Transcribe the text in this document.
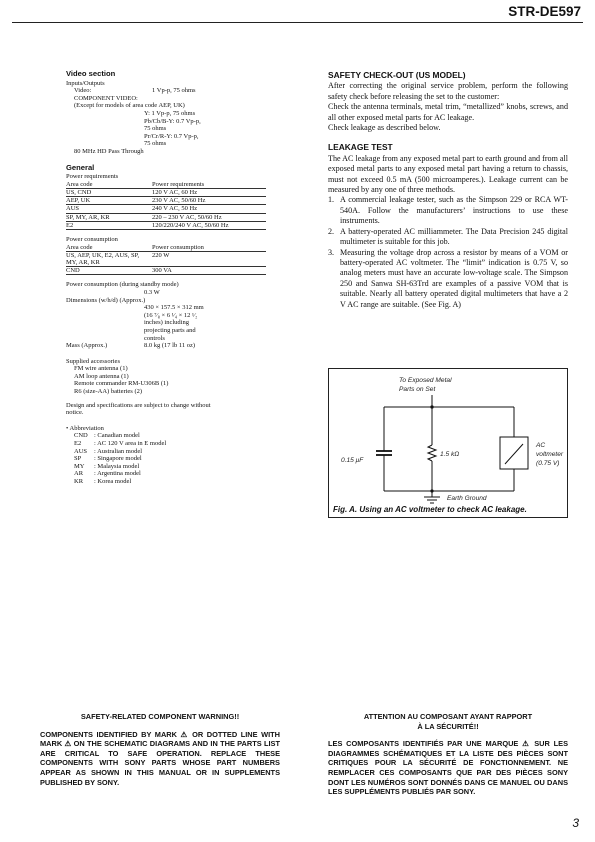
STR-DE597
Video section
Inputs/Outputs
Video:	1 Vp-p, 75 ohms
COMPONENT VIDEO:
(Except for models of area code AEP, UK)
Y: 1 Vp-p, 75 ohms
Pb/Cb/B-Y: 0.7 Vp-p,
75 ohms
Pr/Cr/R-Y: 0.7 Vp-p,
75 ohms
80 MHz HD Pass Through
General
Power requirements
Area code	Power requirements
US, CND	120 V AC, 60 Hz
AEP, UK	230 V AC, 50/60 Hz
AUS	240 V AC, 50 Hz
SP, MY, AR, KR	220 – 230 V AC, 50/60 Hz
E2	120/220/240 V AC, 50/60 Hz
Power consumption
Area code	Power consumption
US, AEP, UK, E2, AUS, SP, MY, AR, KR	220 W
CND	300 VA
Power consumption (during standby mode)
0.3 W
Dimensions (w/h/d) (Approx.)
430 × 157.5 × 312 mm
(16 ⁷⁄₈ × 6 ¹⁄₄ × 12 ¹⁄₂
inches) including
projecting parts and
controls
Mass (Approx.)	8.0 kg (17 lb 11 oz)
Supplied accessories
FM wire antenna (1)
AM loop antenna (1)
Remote commander RM-U306B (1)
R6 (size-AA) batteries (2)
Design and specifications are subject to change without notice.
• Abbreviation
CND : Canadian model
E2	: AC 120 V area in E model
AUS	: Australian model
SP	: Singapore model
MY	: Malaysia model
AR	: Argentina model
KR	: Korea model
SAFETY CHECK-OUT (US MODEL)

After correcting the original service problem, perform the following safety check before releasing the set to the customer:

Check the antenna terminals, metal trim, “metallized” knobs, screws, and all other exposed metal parts for AC leakage.

Check leakage as described below.

LEAKAGE TEST

The AC leakage from any exposed metal part to earth ground and from all exposed metal parts to any exposed metal part having a return to chassis, must not exceed 0.5 mA (500 microamperes.). Leakage current can be measured by any one of three methods.

1. A commercial leakage tester, such as the Simpson 229 or RCA WT-540A. Follow the manufacturers’ instructions to use these instruments.
2. A battery-operated AC milliammeter. The Data Precision 245 digital multimeter is suitable for this job.
3. Measuring the voltage drop across a resistor by means of a VOM or battery-operated AC voltmeter. The “limit” indication is 0.75 V, so analog meters must have an accurate low-voltage scale. The Simpson 250 and Sanwa SH-63Trd are examples of a passive VOM that is suitable. Nearly all battery operated digital multimeters that have a 2 V AC range are suitable. (See Fig. A)
To Exposed Metal
Parts on Set
0.15 μF
1.5 kΩ
AC
voltmeter
(0.75 V)
Earth Ground
Fig. A. Using an AC voltmeter to check AC leakage.
SAFETY-RELATED COMPONENT WARNING!!
COMPONENTS IDENTIFIED BY MARK ⚠ OR DOTTED LINE WITH MARK ⚠ ON THE SCHEMATIC DIAGRAMS AND IN THE PARTS LIST ARE CRITICAL TO SAFE OPERATION. REPLACE THESE COMPONENTS WITH SONY PARTS WHOSE PART NUMBERS APPEAR AS SHOWN IN THIS MANUAL OR IN SUPPLEMENTS PUBLISHED BY SONY.
ATTENTION AU COMPOSANT AYANT RAPPORT
À LA SÉCURITÉ!!
LES COMPOSANTS IDENTIFIÉS PAR UNE MARQUE ⚠ SUR LES DIAGRAMMES SCHÉMATIQUES ET LA LISTE DES PIÈCES SONT CRITIQUES POUR LA SÉCURITÉ DE FONCTIONNEMENT. NE REMPLACER CES COMPOSANTS QUE PAR DES PIÈCES SONY DONT LES NUMÉROS SONT DONNÉS DANS CE MANUEL OU DANS LES SUPPLÉMENTS PUBLIÉS PAR SONY.
3
